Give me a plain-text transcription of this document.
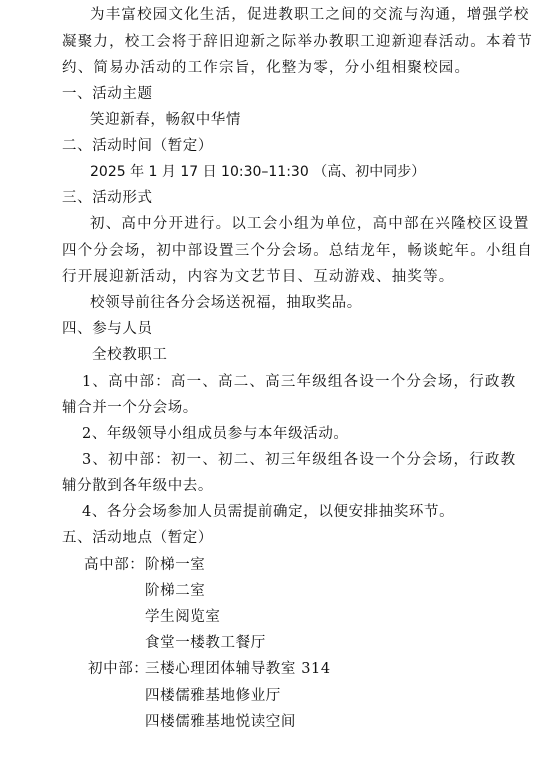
为丰富校园文化生活，促进教职工之间的交流与沟通，增强学校
凝聚力，校工会将于辞旧迎新之际举办教职工迎新迎春活动。本着节
约、简易办活动的工作宗旨，化整为零，分小组相聚校园。
一、活动主题
笑迎新春，畅叙中华情
二、活动时间（暂定）
2025 年 1 月 17 日 10:30–11:30 （高、初中同步）
三、活动形式
初、高中分开进行。以工会小组为单位，高中部在兴隆校区设置
四个分会场，初中部设置三个分会场。总结龙年，畅谈蛇年。小组自
行开展迎新活动，内容为文艺节目、互动游戏、抽奖等。
校领导前往各分会场送祝福，抽取奖品。
四、参与人员
全校教职工
1、高中部：高一、高二、高三年级组各设一个分会场，行政教
辅合并一个分会场。
2、年级领导小组成员参与本年级活动。
3、初中部：初一、初二、初三年级组各设一个分会场，行政教
辅分散到各年级中去。
4、各分会场参加人员需提前确定，以便安排抽奖环节。
五、活动地点（暂定）
高中部： 阶梯一室
阶梯二室
学生阅览室
食堂一楼教工餐厅
初中部：
三楼心理团体辅导教室 314
四楼儒雅基地修业厅
四楼儒雅基地悦读空间
